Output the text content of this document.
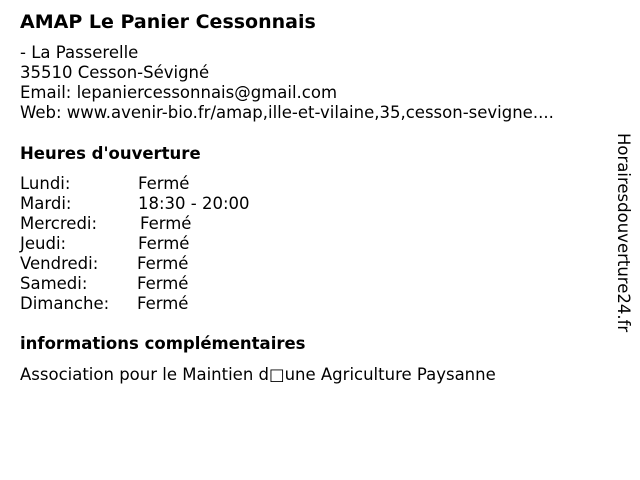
AMAP Le Panier Cessonnais
- La Passerelle
35510 Cesson-Sévigné
Email: lepaniercessonnais@gmail.com
Web: www.avenir-bio.fr/amap,ille-et-vilaine,35,cesson-sevigne....
Heures d'ouverture
Lundi:	Fermé
Mardi:	18:30 - 20:00
Mercredi:	Fermé
Jeudi:	Fermé
Vendredi: Fermé
Samedi:	Fermé
Dimanche: Fermé
informations complémentaires
Association pour le Maintien d□une Agriculture Paysanne
Horairesdouverture24.fr
